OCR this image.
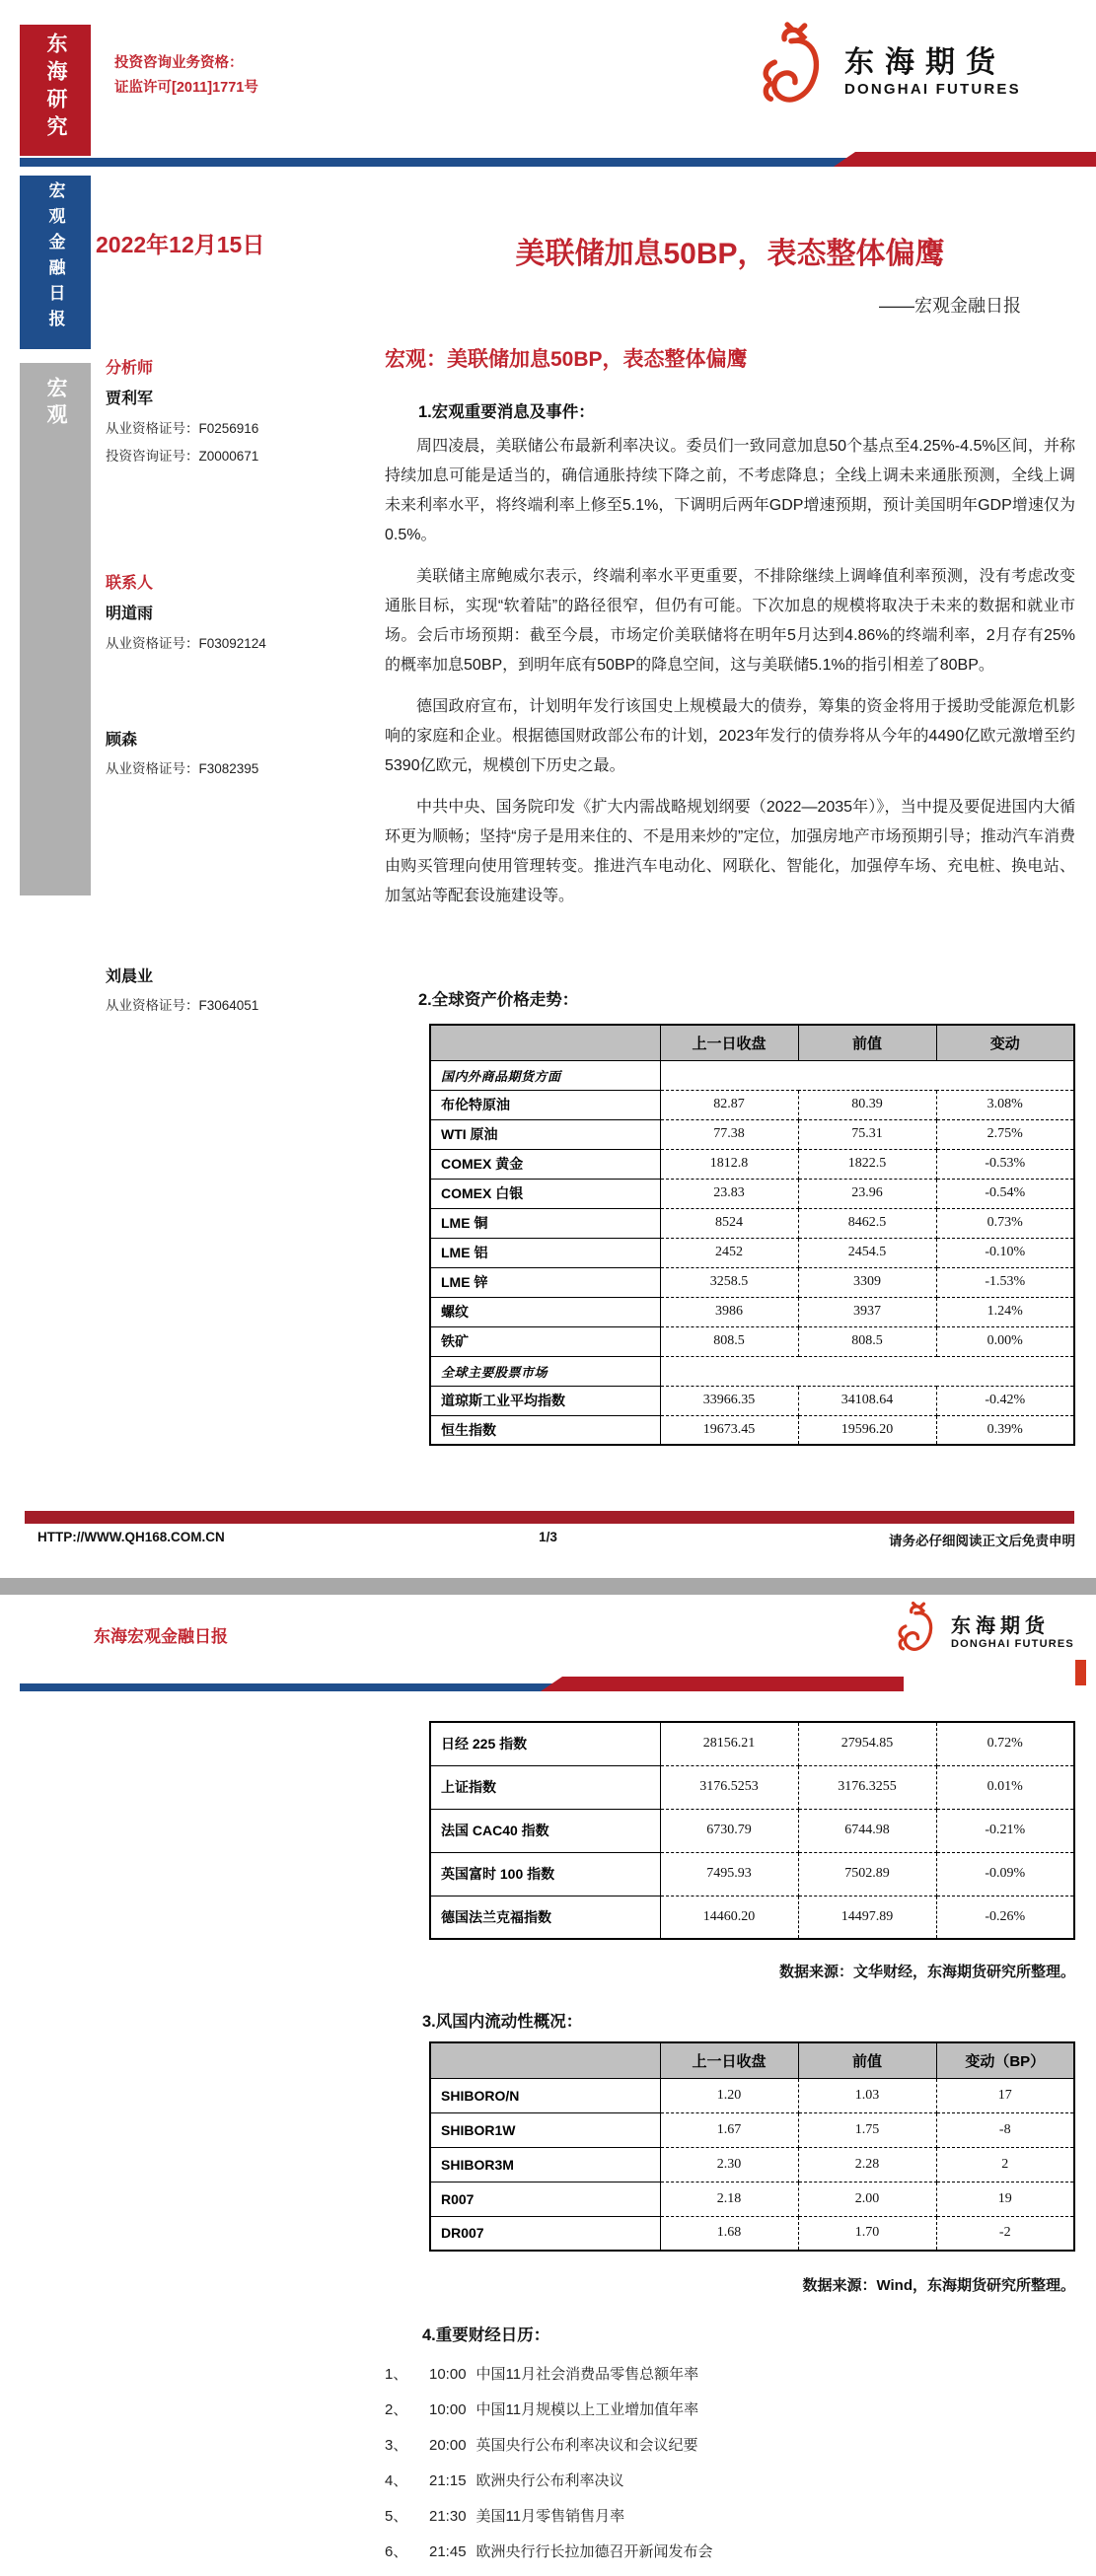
东海研究	投资咨询业务资格：
证监许可[2011]1771号
东海期货
DONGHAI FUTURES
宏观金融日报
宏观
2022年12月15日	美联储加息50BP，表态整体偏鹰
——宏观金融日报
分析师
贾利军
从业资格证号：F0256916
投资咨询证号：Z0000671
联系人
明道雨
从业资格证号：F03092124
顾森
从业资格证号：F3082395
刘晨业
从业资格证号：F3064051
宏观：美联储加息50BP，表态整体偏鹰
1.宏观重要消息及事件：

周四凌晨，美联储公布最新利率决议。委员们一致同意加息50个基点至4.25%-4.5%区间，并称持续加息可能是适当的，确信通胀持续下降之前，不考虑降息；全线上调未来通胀预测，全线上调未来利率水平，将终端利率上修至5.1%，下调明后两年GDP增速预期，预计美国明年GDP增速仅为0.5%。

美联储主席鲍威尔表示，终端利率水平更重要，不排除继续上调峰值利率预测，没有考虑改变通胀目标，实现“软着陆”的路径很窄，但仍有可能。下次加息的规模将取决于未来的数据和就业市场。会后市场预期：截至今晨，市场定价美联储将在明年5月达到4.86%的终端利率，2月存有25%的概率加息50BP，到明年底有50BP的降息空间，这与美联储5.1%的指引相差了80BP。

德国政府宣布，计划明年发行该国史上规模最大的债券，筹集的资金将用于援助受能源危机影响的家庭和企业。根据德国财政部公布的计划，2023年发行的债券将从今年的4490亿欧元激增至约5390亿欧元，规模创下历史之最。

中共中央、国务院印发《扩大内需战略规划纲要（2022—2035年）》，当中提及要促进国内大循环更为顺畅；坚持“房子是用来住的、不是用来炒的”定位，加强房地产市场预期引导；推动汽车消费由购买管理向使用管理转变。推进汽车电动化、网联化、智能化，加强停车场、充电桩、换电站、加氢站等配套设施建设等。

2.全球资产价格走势：
	上一日收盘	前值	变动
国内外商品期货方面			
布伦特原油	82.87	80.39	3.08%
WTI 原油	77.38	75.31	2.75%
COMEX 黄金	1812.8	1822.5	-0.53%
COMEX 白银	23.83	23.96	-0.54%
LME 铜	8524	8462.5	0.73%
LME 铝	2452	2454.5	-0.10%
LME 锌	3258.5	3309	-1.53%
螺纹	3986	3937	1.24%
铁矿	808.5	808.5	0.00%
全球主要股票市场			
道琼斯工业平均指数	33966.35	34108.64	-0.42%
恒生指数	19673.45	19596.20	0.39%
HTTP://WWW.QH168.COM.CN	1/3	请务必仔细阅读正文后免责申明
东海宏观金融日报	东海期货
DONGHAI FUTURES
日经 225 指数	28156.21	27954.85	0.72%
上证指数	3176.5253	3176.3255	0.01%
法国 CAC40 指数	6730.79	6744.98	-0.21%
英国富时 100 指数	7495.93	7502.89	-0.09%
德国法兰克福指数	14460.20	14497.89	-0.26%
数据来源：文华财经，东海期货研究所整理。
3.风国内流动性概况：
	上一日收盘	前值	变动（BP）
SHIBORO/N	1.20	1.03	17
SHIBOR1W	1.67	1.75	-8
SHIBOR3M	2.30	2.28	2
R007	2.18	2.00	19
DR007	1.68	1.70	-2
数据来源：Wind，东海期货研究所整理。
4.重要财经日历：
1、 10:00 中国11月社会消费品零售总额年率
2、 10:00 中国11月规模以上工业增加值年率
3、 20:00 英国央行公布利率决议和会议纪要
4、 21:15 欧洲央行公布利率决议
5、 21:30 美国11月零售销售月率
6、 21:45 欧洲央行行长拉加德召开新闻发布会
